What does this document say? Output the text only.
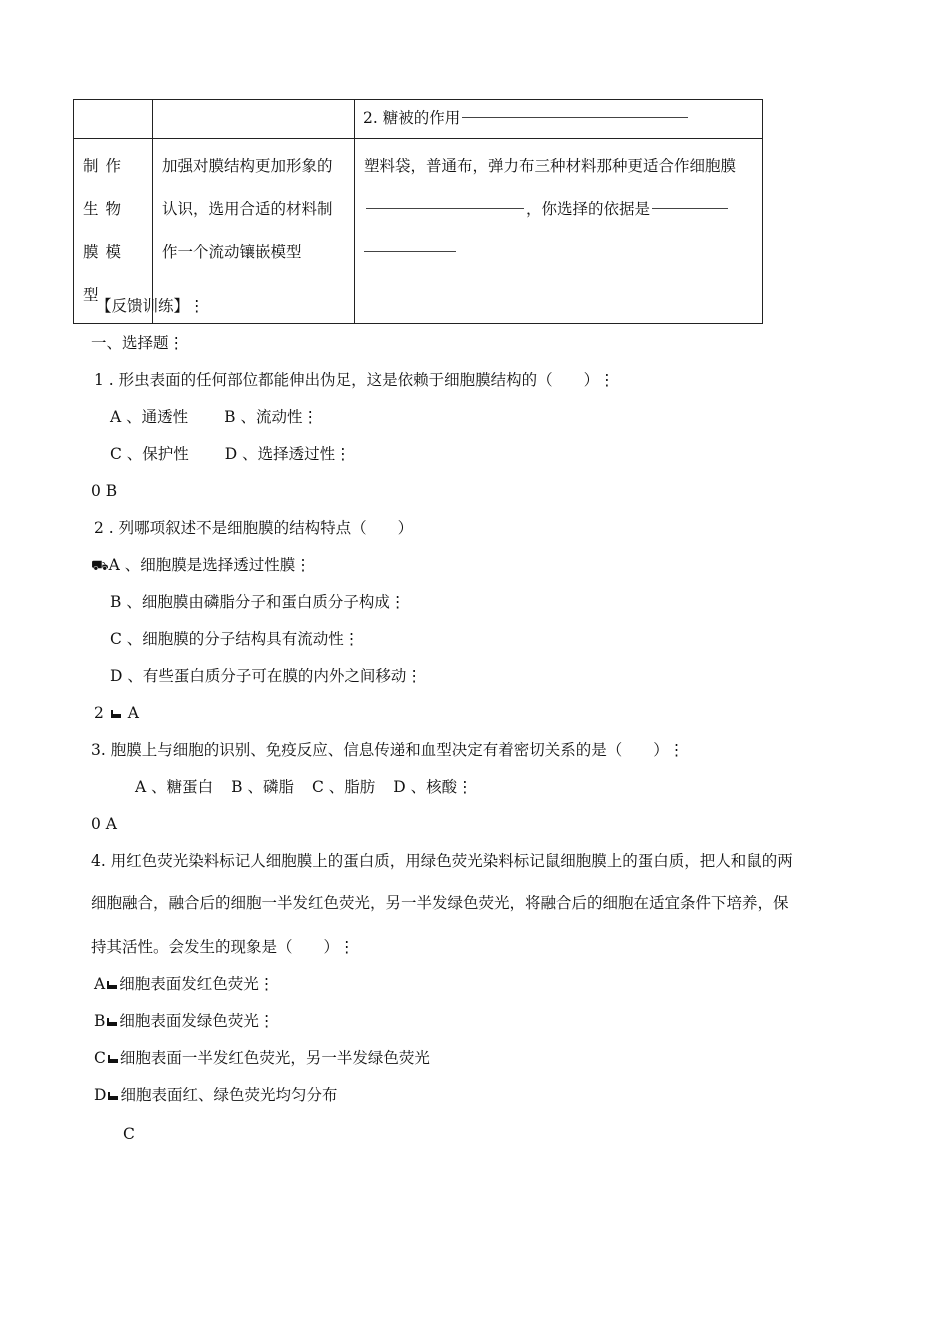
		2. 糖被的作用

制作生物膜模型	加强对膜结构更加形象的认识，选用合适的材料制作一个流动镶嵌模型	塑料袋，普通布，弹力布三种材料那种更适合作细胞膜，你选择的依据是

【反馈训练】⋮
一、选择题⋮
1 . 形虫表面的任何部位都能伸出伪足，这是依赖于细胞膜结构的（　　）⋮
A 、通透性 B 、流动性⋮
C 、保护性 D 、选择透过性⋮
0 B
2 . 列哪项叙述不是细胞膜的结构特点（　　）
⛟A 、细胞膜是选择透过性膜⋮
B 、细胞膜由磷脂分子和蛋白质分子构成⋮
C 、细胞膜的分子结构具有流动性⋮
D 、有些蛋白质分子可在膜的内外之间移动⋮
2 A
3. 胞膜上与细胞的识别、免疫反应、信息传递和血型决定有着密切关系的是（　　）⋮
A 、糖蛋白 B 、磷脂 C 、脂肪 D 、核酸⋮
0 A
4. 用红色荧光染料标记人细胞膜上的蛋白质，用绿色荧光染料标记鼠细胞膜上的蛋白质，把人和鼠的两
细胞融合，融合后的细胞一半发红色荧光，另一半发绿色荧光，将融合后的细胞在适宜条件下培养，保
持其活性。会发生的现象是（　　）⋮
A 细胞表面发红色荧光⋮
B 细胞表面发绿色荧光⋮
C 细胞表面一半发红色荧光，另一半发绿色荧光
D 细胞表面红、绿色荧光均匀分布
C
